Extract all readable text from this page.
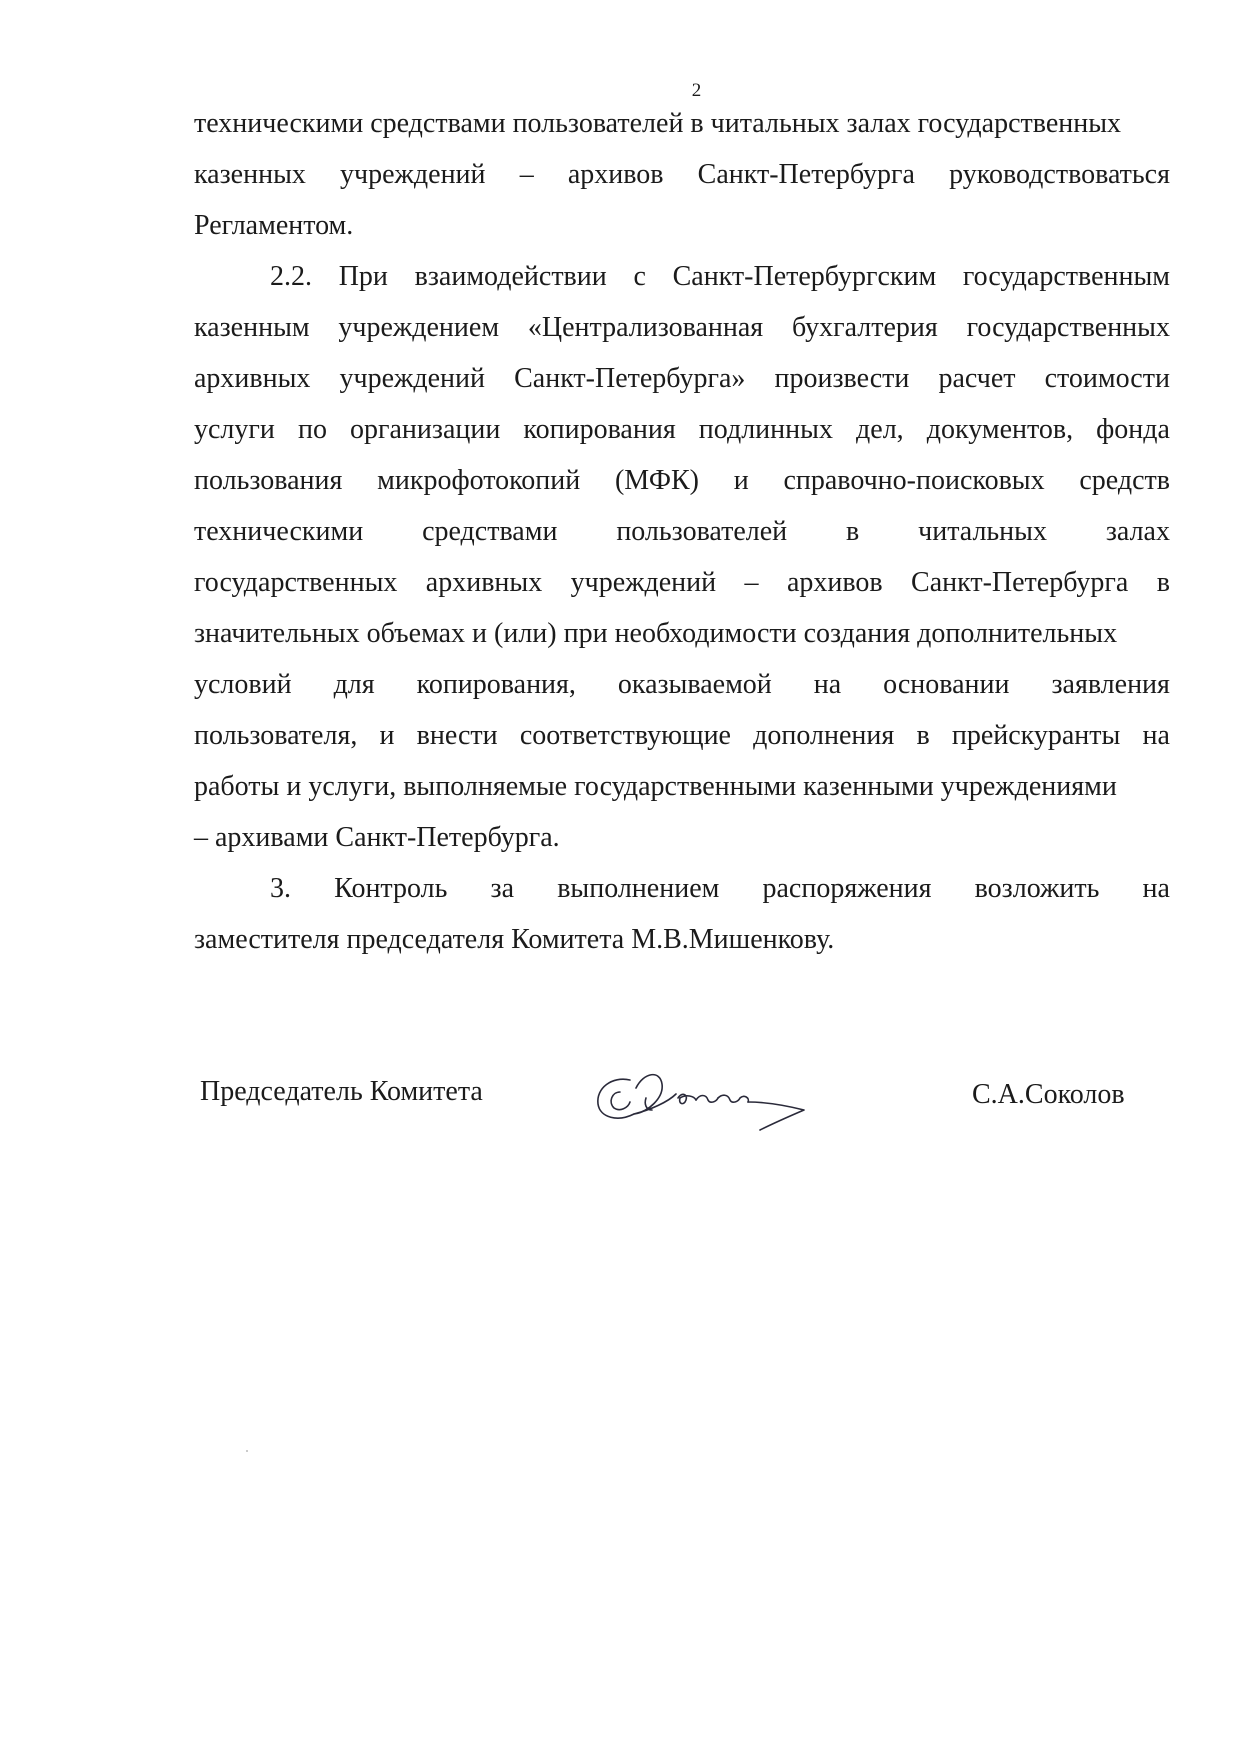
2
техническими средствами пользователей в читальных залах государственных
казенных учреждений – архивов Санкт-Петербурга руководствоваться
Регламентом.
2.2. При взаимодействии с Санкт-Петербургским государственным
казенным учреждением «Централизованная бухгалтерия государственных
архивных учреждений Санкт-Петербурга» произвести расчет стоимости
услуги по организации копирования подлинных дел, документов, фонда
пользования микрофотокопий (МФК) и справочно-поисковых средств
техническими средствами пользователей в читальных залах
государственных архивных учреждений – архивов Санкт-Петербурга в
значительных объемах и (или) при необходимости создания дополнительных
условий для копирования, оказываемой на основании заявления
пользователя, и внести соответствующие дополнения в прейскуранты на
работы и услуги, выполняемые государственными казенными учреждениями
– архивами Санкт-Петербурга.
3. Контроль за выполнением распоряжения возложить на
заместителя председателя Комитета М.В.Мишенкову.
Председатель Комитета	С.А.Соколов
